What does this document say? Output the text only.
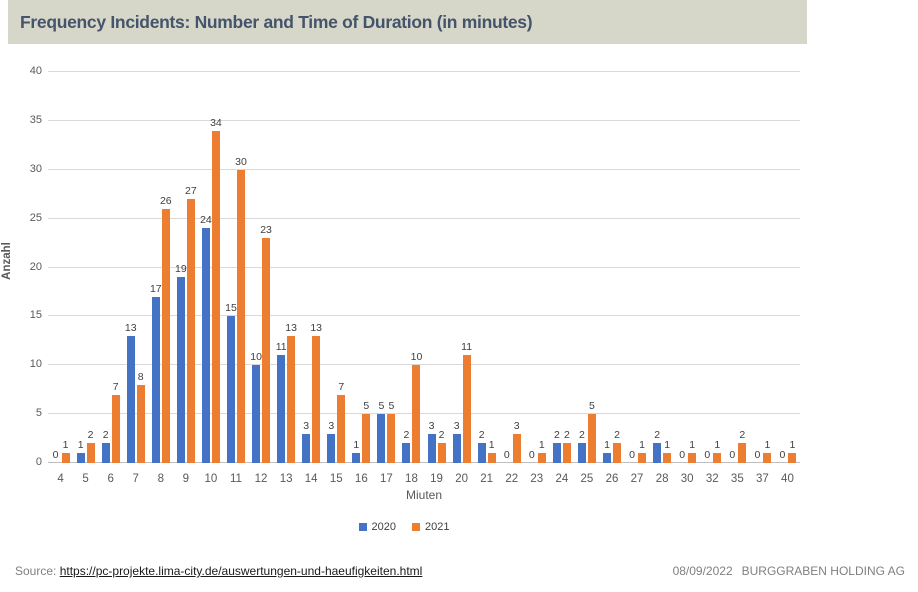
Frequency Incidents: Number and Time of Duration (in minutes)
Anzahl
0
1
4
1
2
5
2
7
6
13
8
7
17
26
8
19
27
9
24
34
10
15
30
11
10
23
12
11
13
13
3
13
14
3
7
15
1
5
16
5 5
17
2
10
18
3
2
19
3
11
20
2
1
21
0
3
22
0
1
23
2 2
24
2
5
25
1
2
26
0
1
27
2
1
28
0
1
30
0
1
32
0
2
35
0
1
37
0
1
40
Miuten
2020	2021
Source: https://pc-projekte.lima-city.de/auswertungen-und-haeufigkeiten.html	08/09/2022 BURGGRABEN HOLDING AG
0
5
10
15
20
25
30
35
40
